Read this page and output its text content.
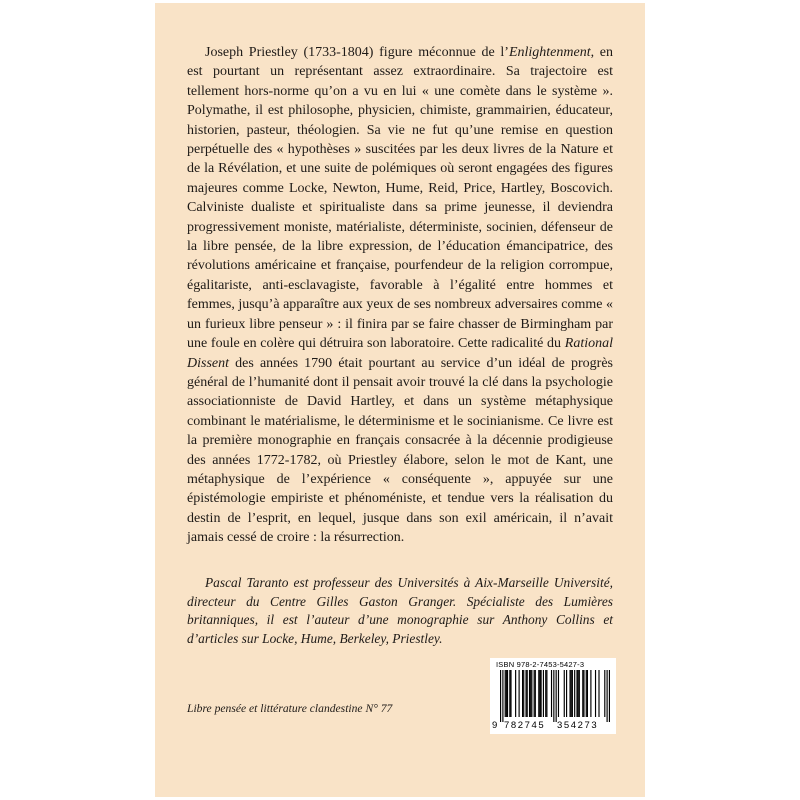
Joseph Priestley (1733-1804) figure méconnue de l’Enlightenment, en est pourtant un représentant assez extraordinaire. Sa trajectoire est tellement hors-norme qu’on a vu en lui « une comète dans le système ». Polymathe, il est philosophe, physicien, chimiste, grammairien, éducateur, historien, pasteur, théologien. Sa vie ne fut qu’une remise en question perpétuelle des « hypothèses » suscitées par les deux livres de la Nature et de la Révélation, et une suite de polémiques où seront engagées des figures majeures comme Locke, Newton, Hume, Reid, Price, Hartley, Boscovich. Calviniste dualiste et spiritualiste dans sa prime jeunesse, il deviendra progressivement moniste, matérialiste, déterministe, socinien, défenseur de la libre pensée, de la libre expression, de l’éducation émancipatrice, des révolutions américaine et française, pourfendeur de la religion corrompue, égalitariste, anti-esclavagiste, favorable à l’égalité entre hommes et femmes, jusqu’à apparaître aux yeux de ses nombreux adversaires comme « un furieux libre penseur » : il finira par se faire chasser de Birmingham par une foule en colère qui détruira son laboratoire. Cette radicalité du Rational Dissent des années 1790 était pourtant au service d’un idéal de progrès général de l’humanité dont il pensait avoir trouvé la clé dans la psychologie associationniste de David Hartley, et dans un système métaphysique combinant le matérialisme, le déterminisme et le socinianisme. Ce livre est la première monographie en français consacrée à la décennie prodigieuse des années 1772-1782, où Priestley élabore, selon le mot de Kant, une métaphysique de l’expérience « conséquente », appuyée sur une épistémologie empiriste et phénoméniste, et tendue vers la réalisation du destin de l’esprit, en lequel, jusque dans son exil américain, il n’avait jamais cessé de croire : la résurrection.

Pascal Taranto est professeur des Universités à Aix-Marseille Université, directeur du Centre Gilles Gaston Granger. Spécialiste des Lumières britanniques, il est l’auteur d’une monographie sur Anthony Collins et d’articles sur Locke, Hume, Berkeley, Priestley.

Libre pensée et littérature clandestine N° 77
ISBN 978-2-7453-5427-3
9 782745 354273
